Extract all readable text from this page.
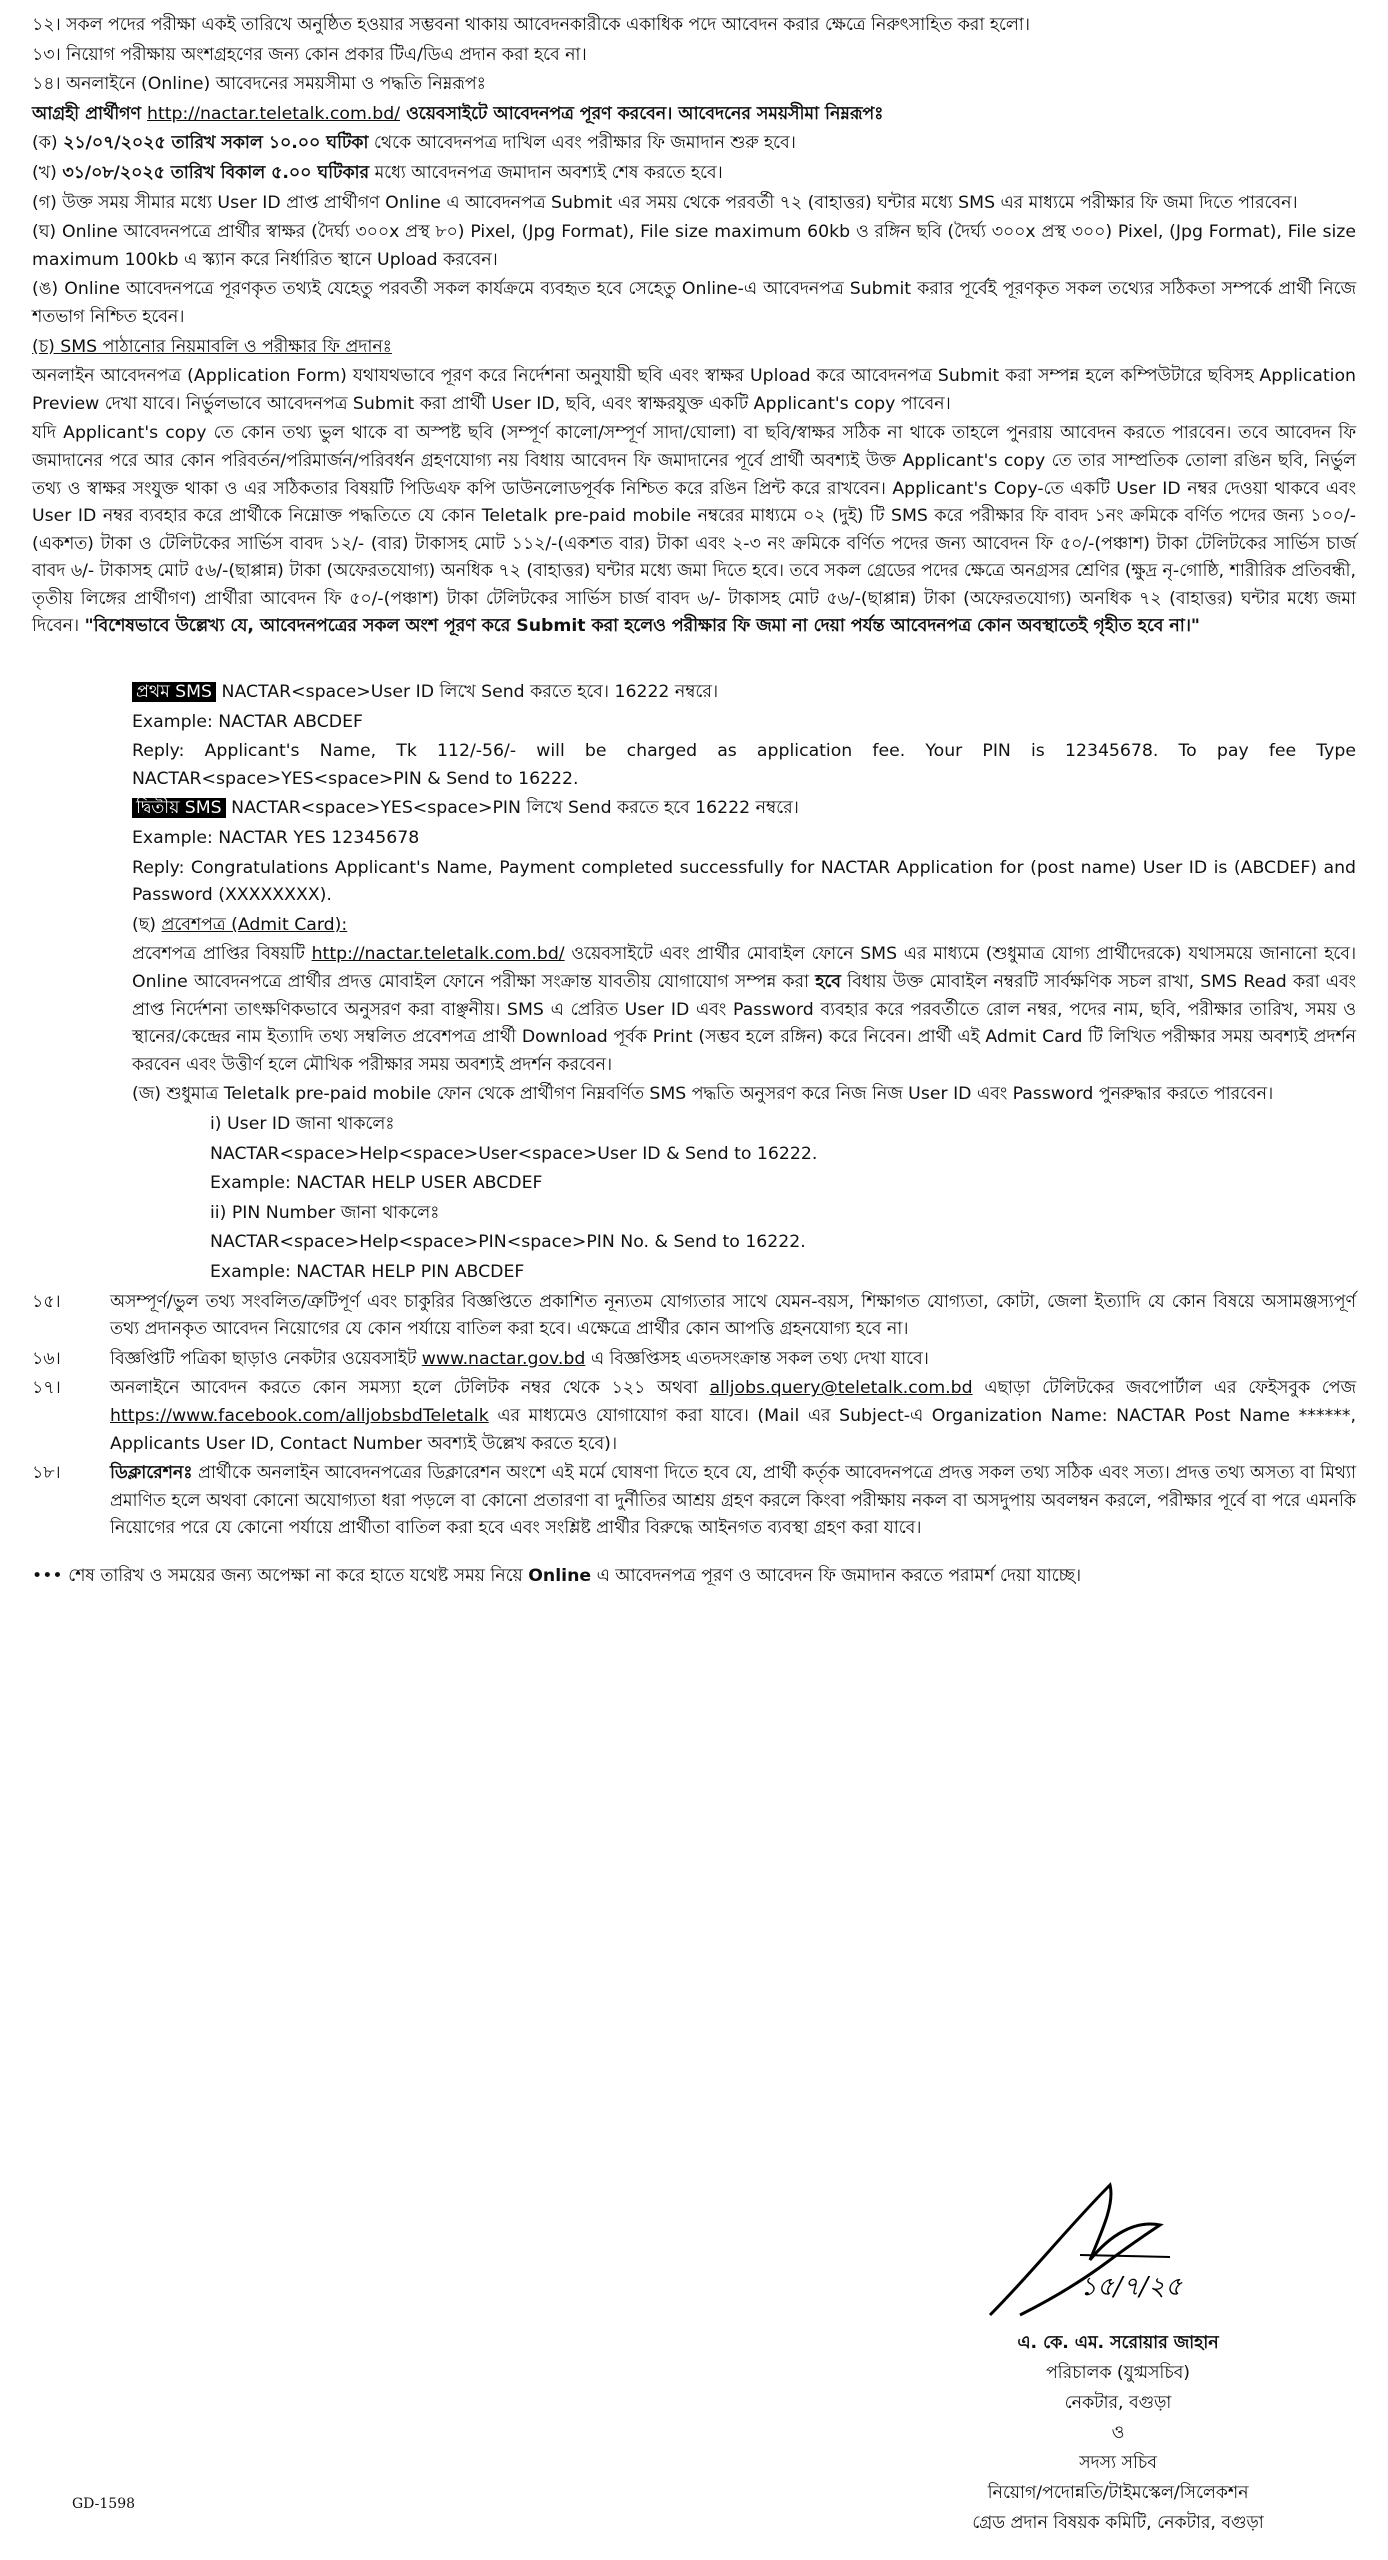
১২। সকল পদের পরীক্ষা একই তারিখে অনুষ্ঠিত হওয়ার সম্ভবনা থাকায় আবেদনকারীকে একাধিক পদে আবেদন করার ক্ষেত্রে নিরুৎসাহিত করা হলো।

১৩। নিয়োগ পরীক্ষায় অংশগ্রহণের জন্য কোন প্রকার টিএ/ডিএ প্রদান করা হবে না।

১৪। অনলাইনে (Online) আবেদনের সময়সীমা ও পদ্ধতি নিম্নরূপঃ

আগ্রহী প্রার্থীগণ http://nactar.teletalk.com.bd/ ওয়েবসাইটে আবেদনপত্র পূরণ করবেন। আবেদনের সময়সীমা নিম্নরূপঃ

(ক) ২১/০৭/২০২৫ তারিখ সকাল ১০.০০ ঘটিকা থেকে আবেদনপত্র দাখিল এবং পরীক্ষার ফি জমাদান শুরু হবে।

(খ) ৩১/০৮/২০২৫ তারিখ বিকাল ৫.০০ ঘটিকার মধ্যে আবেদনপত্র জমাদান অবশ্যই শেষ করতে হবে।

(গ) উক্ত সময় সীমার মধ্যে User ID প্রাপ্ত প্রার্থীগণ Online এ আবেদনপত্র Submit এর সময় থেকে পরবর্তী ৭২ (বাহাত্তর) ঘন্টার মধ্যে SMS এর মাধ্যমে পরীক্ষার ফি জমা দিতে পারবেন।

(ঘ) Online আবেদনপত্রে প্রার্থীর স্বাক্ষর (দৈর্ঘ্য ৩০০x প্রস্থ ৮০) Pixel, (Jpg Format), File size maximum 60kb ও রঙ্গিন ছবি (দৈর্ঘ্য ৩০০x প্রস্থ ৩০০) Pixel, (Jpg Format), File size maximum 100kb এ স্ক্যান করে নির্ধারিত স্থানে Upload করবেন।

(ঙ) Online আবেদনপত্রে পূরণকৃত তথ্যই যেহেতু পরবর্তী সকল কার্যক্রমে ব্যবহৃত হবে সেহেতু Online-এ আবেদনপত্র Submit করার পূর্বেই পূরণকৃত সকল তথ্যের সঠিকতা সম্পর্কে প্রার্থী নিজে শতভাগ নিশ্চিত হবেন।

(চ) SMS পাঠানোর নিয়মাবলি ও পরীক্ষার ফি প্রদানঃ

অনলাইন আবেদনপত্র (Application Form) যথাযথভাবে পূরণ করে নির্দেশনা অনুযায়ী ছবি এবং স্বাক্ষর Upload করে আবেদনপত্র Submit করা সম্পন্ন হলে কম্পিউটারে ছবিসহ Application Preview দেখা যাবে। নির্ভুলভাবে আবেদনপত্র Submit করা প্রার্থী User ID, ছবি, এবং স্বাক্ষরযুক্ত একটি Applicant's copy পাবেন।

যদি Applicant's copy তে কোন তথ্য ভুল থাকে বা অস্পষ্ট ছবি (সম্পূর্ণ কালো/সম্পূর্ণ সাদা/ঘোলা) বা ছবি/স্বাক্ষর সঠিক না থাকে তাহলে পুনরায় আবেদন করতে পারবেন। তবে আবেদন ফি জমাদানের পরে আর কোন পরিবর্তন/পরিমার্জন/পরিবর্ধন গ্রহণযোগ্য নয় বিধায় আবেদন ফি জমাদানের পূর্বে প্রার্থী অবশ্যই উক্ত Applicant's copy তে তার সাম্প্রতিক তোলা রঙিন ছবি, নির্ভুল তথ্য ও স্বাক্ষর সংযুক্ত থাকা ও এর সঠিকতার বিষয়টি পিডিএফ কপি ডাউনলোডপূর্বক নিশ্চিত করে রঙিন প্রিন্ট করে রাখবেন। Applicant's Copy-তে একটি User ID নম্বর দেওয়া থাকবে এবং User ID নম্বর ব্যবহার করে প্রার্থীকে নিম্নোক্ত পদ্ধতিতে যে কোন Teletalk pre-paid mobile নম্বরের মাধ্যমে ০২ (দুই) টি SMS করে পরীক্ষার ফি বাবদ ১নং ক্রমিকে বর্ণিত পদের জন্য ১০০/- (একশত) টাকা ও টেলিটকের সার্ভিস বাবদ ১২/- (বার) টাকাসহ মোট ১১২/-(একশত বার) টাকা এবং ২-৩ নং ক্রমিকে বর্ণিত পদের জন্য আবেদন ফি ৫০/-(পঞ্চাশ) টাকা টেলিটকের সার্ভিস চার্জ বাবদ ৬/- টাকাসহ মোট ৫৬/-(ছাপ্পান্ন) টাকা (অফেরতযোগ্য) অনধিক ৭২ (বাহাত্তর) ঘন্টার মধ্যে জমা দিতে হবে। তবে সকল গ্রেডের পদের ক্ষেত্রে অনগ্রসর শ্রেণির (ক্ষুদ্র নৃ-গোষ্ঠি, শারীরিক প্রতিবন্ধী, তৃতীয় লিঙ্গের প্রার্থীগণ) প্রার্থীরা আবেদন ফি ৫০/-(পঞ্চাশ) টাকা টেলিটকের সার্ভিস চার্জ বাবদ ৬/- টাকাসহ মোট ৫৬/-(ছাপ্পান্ন) টাকা (অফেরতযোগ্য) অনধিক ৭২ (বাহাত্তর) ঘন্টার মধ্যে জমা দিবেন। "বিশেষভাবে উল্লেখ্য যে, আবেদনপত্রের সকল অংশ পূরণ করে Submit করা হলেও পরীক্ষার ফি জমা না দেয়া পর্যন্ত আবেদনপত্র কোন অবস্থাতেই গৃহীত হবে না।"

প্রথম SMS NACTAR<space>User ID লিখে Send করতে হবে। 16222 নম্বরে।

Example: NACTAR ABCDEF

Reply: Applicant's Name, Tk 112/-56/- will be charged as application fee. Your PIN is 12345678. To pay fee Type NACTAR<space>YES<space>PIN & Send to 16222.

দ্বিতীয় SMS NACTAR<space>YES<space>PIN লিখে Send করতে হবে 16222 নম্বরে।

Example: NACTAR YES 12345678

Reply: Congratulations Applicant's Name, Payment completed successfully for NACTAR Application for (post name) User ID is (ABCDEF) and Password (XXXXXXXX).

(ছ) প্রবেশপত্র (Admit Card):

প্রবেশপত্র প্রাপ্তির বিষয়টি http://nactar.teletalk.com.bd/ ওয়েবসাইটে এবং প্রার্থীর মোবাইল ফোনে SMS এর মাধ্যমে (শুধুমাত্র যোগ্য প্রার্থীদেরকে) যথাসময়ে জানানো হবে। Online আবেদনপত্রে প্রার্থীর প্রদত্ত মোবাইল ফোনে পরীক্ষা সংক্রান্ত যাবতীয় যোগাযোগ সম্পন্ন করা হবে বিধায় উক্ত মোবাইল নম্বরটি সার্বক্ষণিক সচল রাখা, SMS Read করা এবং প্রাপ্ত নির্দেশনা তাৎক্ষণিকভাবে অনুসরণ করা বাঞ্ছনীয়। SMS এ প্রেরিত User ID এবং Password ব্যবহার করে পরবর্তীতে রোল নম্বর, পদের নাম, ছবি, পরীক্ষার তারিখ, সময় ও স্থানের/কেন্দ্রের নাম ইত্যাদি তথ্য সম্বলিত প্রবেশপত্র প্রার্থী Download পূর্বক Print (সম্ভব হলে রঙ্গিন) করে নিবেন। প্রার্থী এই Admit Card টি লিখিত পরীক্ষার সময় অবশ্যই প্রদর্শন করবেন এবং উত্তীর্ণ হলে মৌখিক পরীক্ষার সময় অবশ্যই প্রদর্শন করবেন।

(জ) শুধুমাত্র Teletalk pre-paid mobile ফোন থেকে প্রার্থীগণ নিম্নবর্ণিত SMS পদ্ধতি অনুসরণ করে নিজ নিজ User ID এবং Password পুনরুদ্ধার করতে পারবেন।

i) User ID জানা থাকলেঃ

NACTAR<space>Help<space>User<space>User ID & Send to 16222.

Example: NACTAR HELP USER ABCDEF

ii) PIN Number জানা থাকলেঃ

NACTAR<space>Help<space>PIN<space>PIN No. & Send to 16222.

Example: NACTAR HELP PIN ABCDEF

১৫।	অসম্পূর্ণ/ভুল তথ্য সংবলিত/ত্রুটিপূর্ণ এবং চাকুরির বিজ্ঞপ্তিতে প্রকাশিত নূন্যতম যোগ্যতার সাথে যেমন-বয়স, শিক্ষাগত যোগ্যতা, কোটা, জেলা ইত্যাদি যে কোন বিষয়ে অসামঞ্জস্যপূর্ণ তথ্য প্রদানকৃত আবেদন নিয়োগের যে কোন পর্যায়ে বাতিল করা হবে। এক্ষেত্রে প্রার্থীর কোন আপত্তি গ্রহনযোগ্য হবে না।
১৬।	বিজ্ঞপ্তিটি পত্রিকা ছাড়াও নেকটার ওয়েবসাইট www.nactar.gov.bd এ বিজ্ঞপ্তিসহ এতদসংক্রান্ত সকল তথ্য দেখা যাবে।
১৭।	অনলাইনে আবেদন করতে কোন সমস্যা হলে টেলিটক নম্বর থেকে ১২১ অথবা alljobs.query@teletalk.com.bd এছাড়া টেলিটকের জবপোর্টাল এর ফেইসবুক পেজ https://www.facebook.com/alljobsbdTeletalk এর মাধ্যমেও যোগাযোগ করা যাবে। (Mail এর Subject-এ Organization Name: NACTAR Post Name ******, Applicants User ID, Contact Number অবশ্যই উল্লেখ করতে হবে)।
১৮।	ডিক্লারেশনঃ প্রার্থীকে অনলাইন আবেদনপত্রের ডিক্লারেশন অংশে এই মর্মে ঘোষণা দিতে হবে যে, প্রার্থী কর্তৃক আবেদনপত্রে প্রদত্ত সকল তথ্য সঠিক এবং সত্য। প্রদত্ত তথ্য অসত্য বা মিথ্যা প্রমাণিত হলে অথবা কোনো অযোগ্যতা ধরা পড়লে বা কোনো প্রতারণা বা দুর্নীতির আশ্রয় গ্রহণ করলে কিংবা পরীক্ষায় নকল বা অসদুপায় অবলম্বন করলে, পরীক্ষার পূর্বে বা পরে এমনকি নিয়োগের পরে যে কোনো পর্যায়ে প্রার্থীতা বাতিল করা হবে এবং সংশ্লিষ্ট প্রার্থীর বিরুদ্ধে আইনগত ব্যবস্থা গ্রহণ করা যাবে।

••• শেষ তারিখ ও সময়ের জন্য অপেক্ষা না করে হাতে যথেষ্ট সময় নিয়ে Online এ আবেদনপত্র পূরণ ও আবেদন ফি জমাদান করতে পরামর্শ দেয়া যাচ্ছে।

১৫/৭/২৫
এ. কে. এম. সরোয়ার জাহান
পরিচালক (যুগ্মসচিব)
নেকটার, বগুড়া
ও
সদস্য সচিব
নিয়োগ/পদোন্নতি/টাইমস্কেল/সিলেকশন
গ্রেড প্রদান বিষয়ক কমিটি, নেকটার, বগুড়া
GD-1598
